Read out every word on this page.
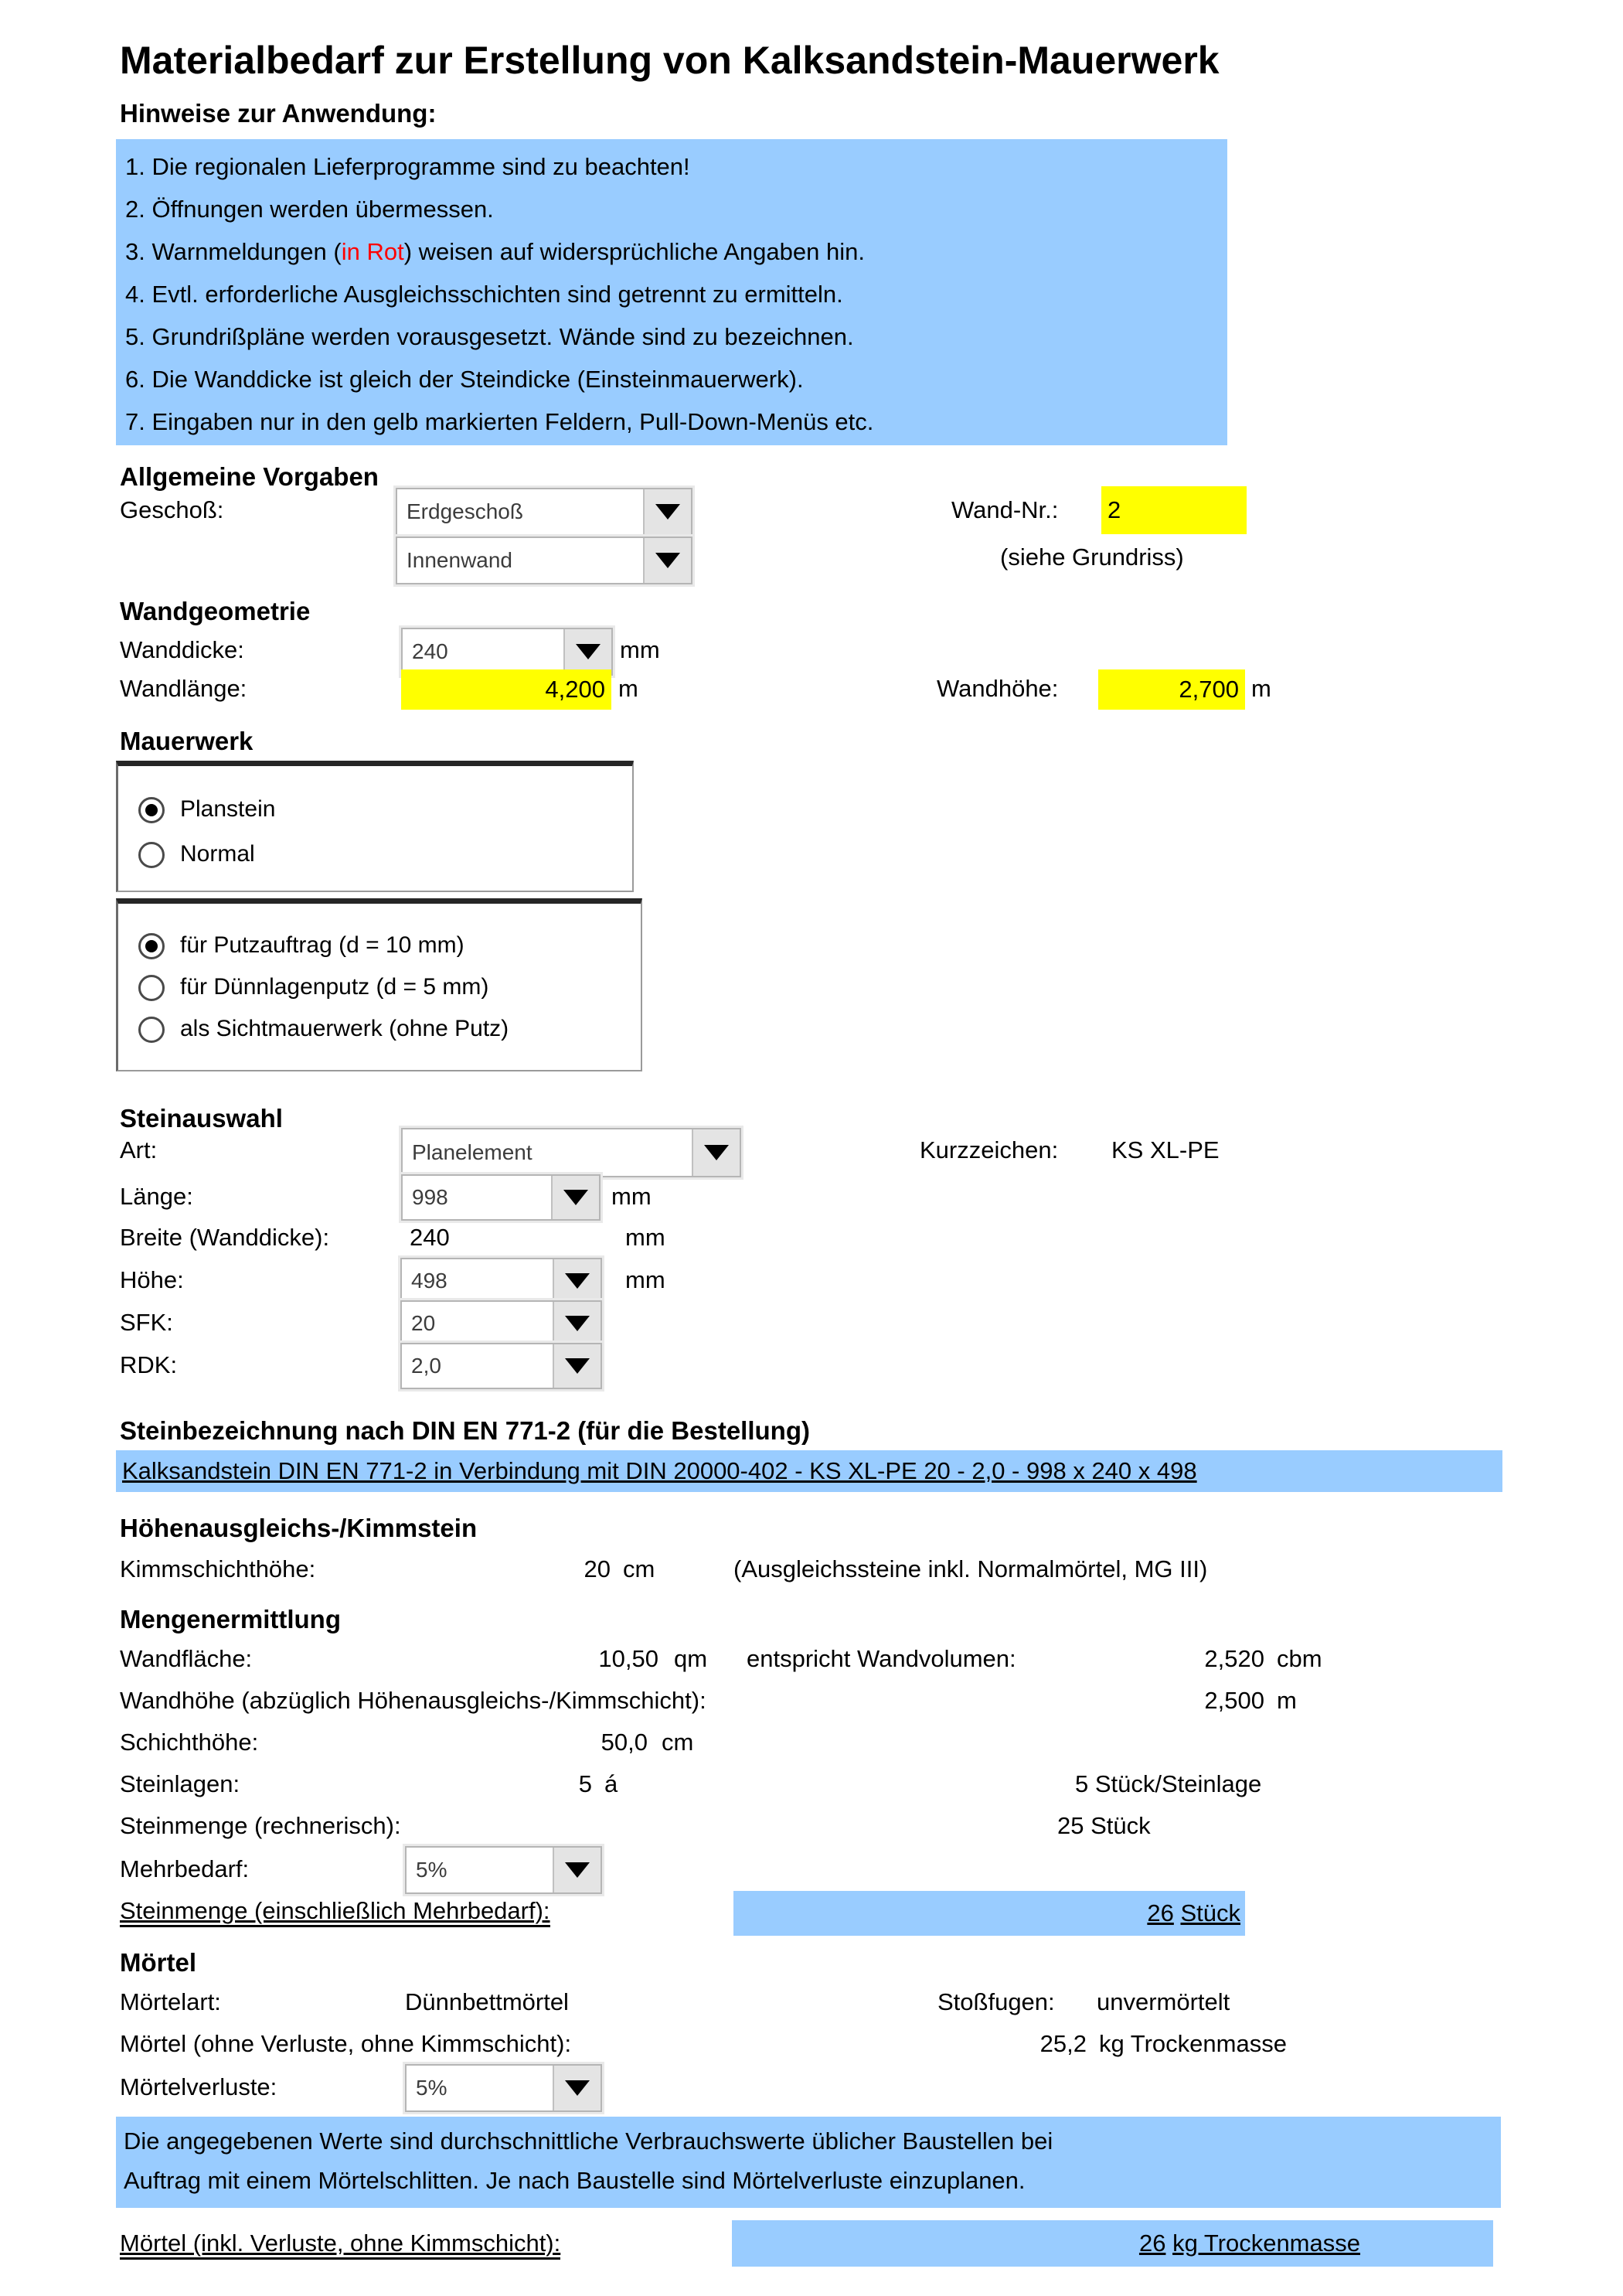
Materialbedarf zur Erstellung von Kalksandstein-Mauerwerk
Hinweise zur Anwendung:
1. Die regionalen Lieferprogramme sind zu beachten!
2. Öffnungen werden übermessen.
3. Warnmeldungen (in Rot) weisen auf widersprüchliche Angaben hin.
4. Evtl. erforderliche Ausgleichsschichten sind getrennt zu ermitteln.
5. Grundrißpläne werden vorausgesetzt. Wände sind zu bezeichnen.
6. Die Wanddicke ist gleich der Steindicke (Einsteinmauerwerk).
7. Eingaben nur in den gelb markierten Feldern, Pull-Down-Menüs etc.
Allgemeine Vorgaben
Geschoß:	Erdgeschoß	Wand-Nr.: 2
Innenwand	(siehe Grundriss)
Wandgeometrie
Wanddicke:	240	mm
Wandlänge:	4,200 m	Wandhöhe:	2,700 m
Mauerwerk
Planstein
Normal
für Putzauftrag (d = 10 mm)
für Dünnlagenputz (d = 5 mm)
als Sichtmauerwerk (ohne Putz)
Steinauswahl
Art:	Planelement	Kurzzeichen: KS XL-PE
Länge:	998	mm
Breite (Wanddicke):	240	mm
Höhe:	498	mm
SFK:	20
RDK:	2,0
Steinbezeichnung nach DIN EN 771-2 (für die Bestellung)
Kalksandstein DIN EN 771-2 in Verbindung mit DIN 20000-402 - KS XL-PE 20 - 2,0 - 998 x 240 x 498
Höhenausgleichs-/Kimmstein
Kimmschichthöhe:	20 cm	(Ausgleichssteine inkl. Normalmörtel, MG III)
Mengenermittlung
Wandfläche:	10,50 qm entspricht Wandvolumen:	2,520 cbm
Wandhöhe (abzüglich Höhenausgleichs-/Kimmschicht):	2,500 m
Schichthöhe:	50,0 cm
Steinlagen:	5 á	5 Stück/Steinlage
Steinmenge (rechnerisch):	25 Stück
Mehrbedarf:	5%
Steinmenge (einschließlich Mehrbedarf):	26
Stück
Mörtel
Mörtelart:	Dünnbettmörtel	Stoßfugen: unvermörtelt
Mörtel (ohne Verluste, ohne Kimmschicht):	25,2 kg Trockenmasse
Mörtelverluste:	5%
Die angegebenen Werte sind durchschnittliche Verbrauchswerte üblicher Baustellen bei
Auftrag mit einem Mörtelschlitten. Je nach Baustelle sind Mörtelverluste einzuplanen.
Mörtel (inkl. Verluste, ohne Kimmschicht):	26
kg Trockenmasse
